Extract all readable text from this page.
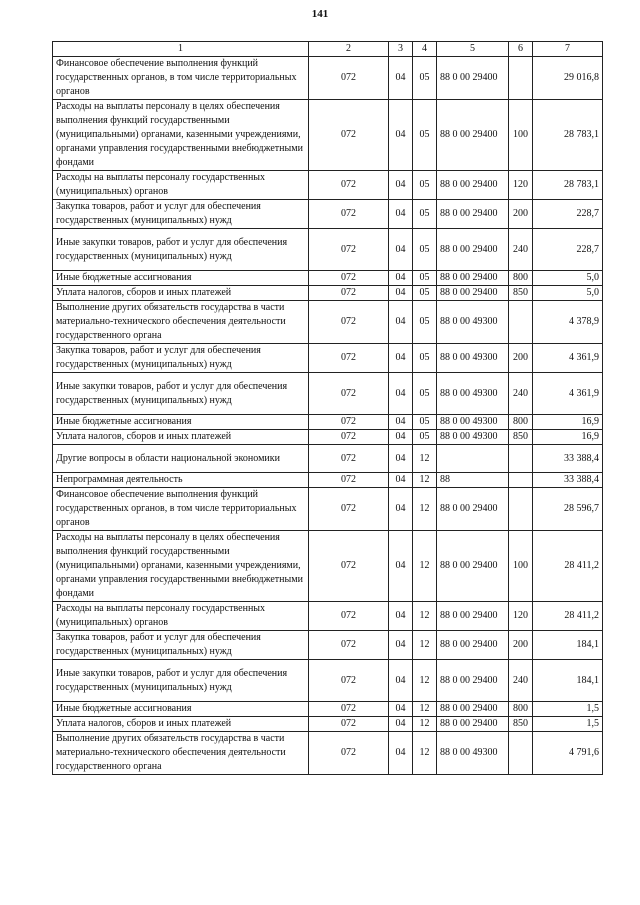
141
1	2	3	4	5	6	7
Финансовое обеспечение выполнения функций государственных органов, в том числе территориальных органов	072	04	05	88 0 00 29400		29 016,8
Расходы на выплаты персоналу в целях обеспечения выполнения функций государственными (муниципальными) органами, казенными учреждениями, органами управления государственными внебюджетными фондами	072	04	05	88 0 00 29400	100	28 783,1
Расходы на выплаты персоналу государственных (муниципальных) органов	072	04	05	88 0 00 29400	120	28 783,1
Закупка товаров, работ и услуг для обеспечения государственных (муниципальных) нужд	072	04	05	88 0 00 29400	200	228,7
Иные закупки товаров, работ и услуг для обеспечения государственных (муниципальных) нужд	072	04	05	88 0 00 29400	240	228,7
Иные бюджетные ассигнования	072	04	05	88 0 00 29400	800	5,0
Уплата налогов, сборов и иных платежей	072	04	05	88 0 00 29400	850	5,0
Выполнение других обязательств государства в части материально-технического обеспечения деятельности государственного органа	072	04	05	88 0 00 49300		4 378,9
Закупка товаров, работ и услуг для обеспечения государственных (муниципальных) нужд	072	04	05	88 0 00 49300	200	4 361,9
Иные закупки товаров, работ и услуг для обеспечения государственных (муниципальных) нужд	072	04	05	88 0 00 49300	240	4 361,9
Иные бюджетные ассигнования	072	04	05	88 0 00 49300	800	16,9
Уплата налогов, сборов и иных платежей	072	04	05	88 0 00 49300	850	16,9
Другие вопросы в области национальной экономики	072	04	12			33 388,4
Непрограммная деятельность	072	04	12	88		33 388,4
Финансовое обеспечение выполнения функций государственных органов, в том числе территориальных органов	072	04	12	88 0 00 29400		28 596,7
Расходы на выплаты персоналу в целях обеспечения выполнения функций государственными (муниципальными) органами, казенными учреждениями, органами управления государственными внебюджетными фондами	072	04	12	88 0 00 29400	100	28 411,2
Расходы на выплаты персоналу государственных (муниципальных) органов	072	04	12	88 0 00 29400	120	28 411,2
Закупка товаров, работ и услуг для обеспечения государственных (муниципальных) нужд	072	04	12	88 0 00 29400	200	184,1
Иные закупки товаров, работ и услуг для обеспечения государственных (муниципальных) нужд	072	04	12	88 0 00 29400	240	184,1
Иные бюджетные ассигнования	072	04	12	88 0 00 29400	800	1,5
Уплата налогов, сборов и иных платежей	072	04	12	88 0 00 29400	850	1,5
Выполнение других обязательств государства в части материально-технического обеспечения деятельности государственного органа	072	04	12	88 0 00 49300		4 791,6
